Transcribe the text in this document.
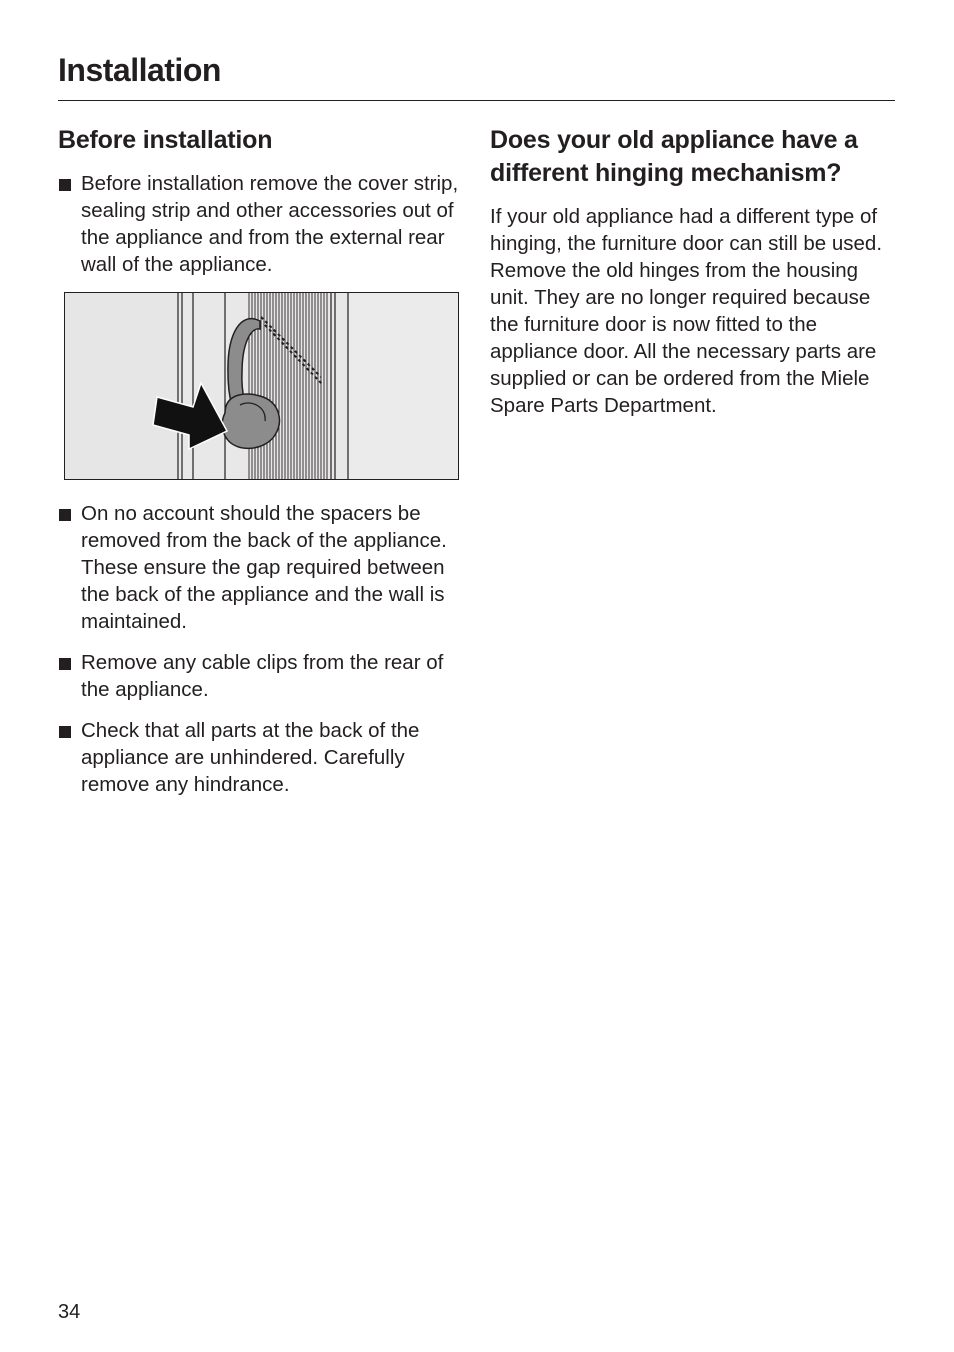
Installation
Before installation
Before installation remove the cover strip, sealing strip and other accessories out of the appliance and from the external rear wall of the appliance.
On no account should the spacers be removed from the back of the appliance. These ensure the gap required between the back of the appliance and the wall is maintained.
Remove any cable clips from the rear of the appliance.
Check that all parts at the back of the appliance are unhindered. Carefully remove any hindrance.
Does your old appliance have a different hinging mechanism?

If your old appliance had a different type of hinging, the furniture door can still be used. Remove the old hinges from the housing unit. They are no longer required because the furniture door is now fitted to the appliance door. All the necessary parts are supplied or can be ordered from the Miele Spare Parts Department.

34
